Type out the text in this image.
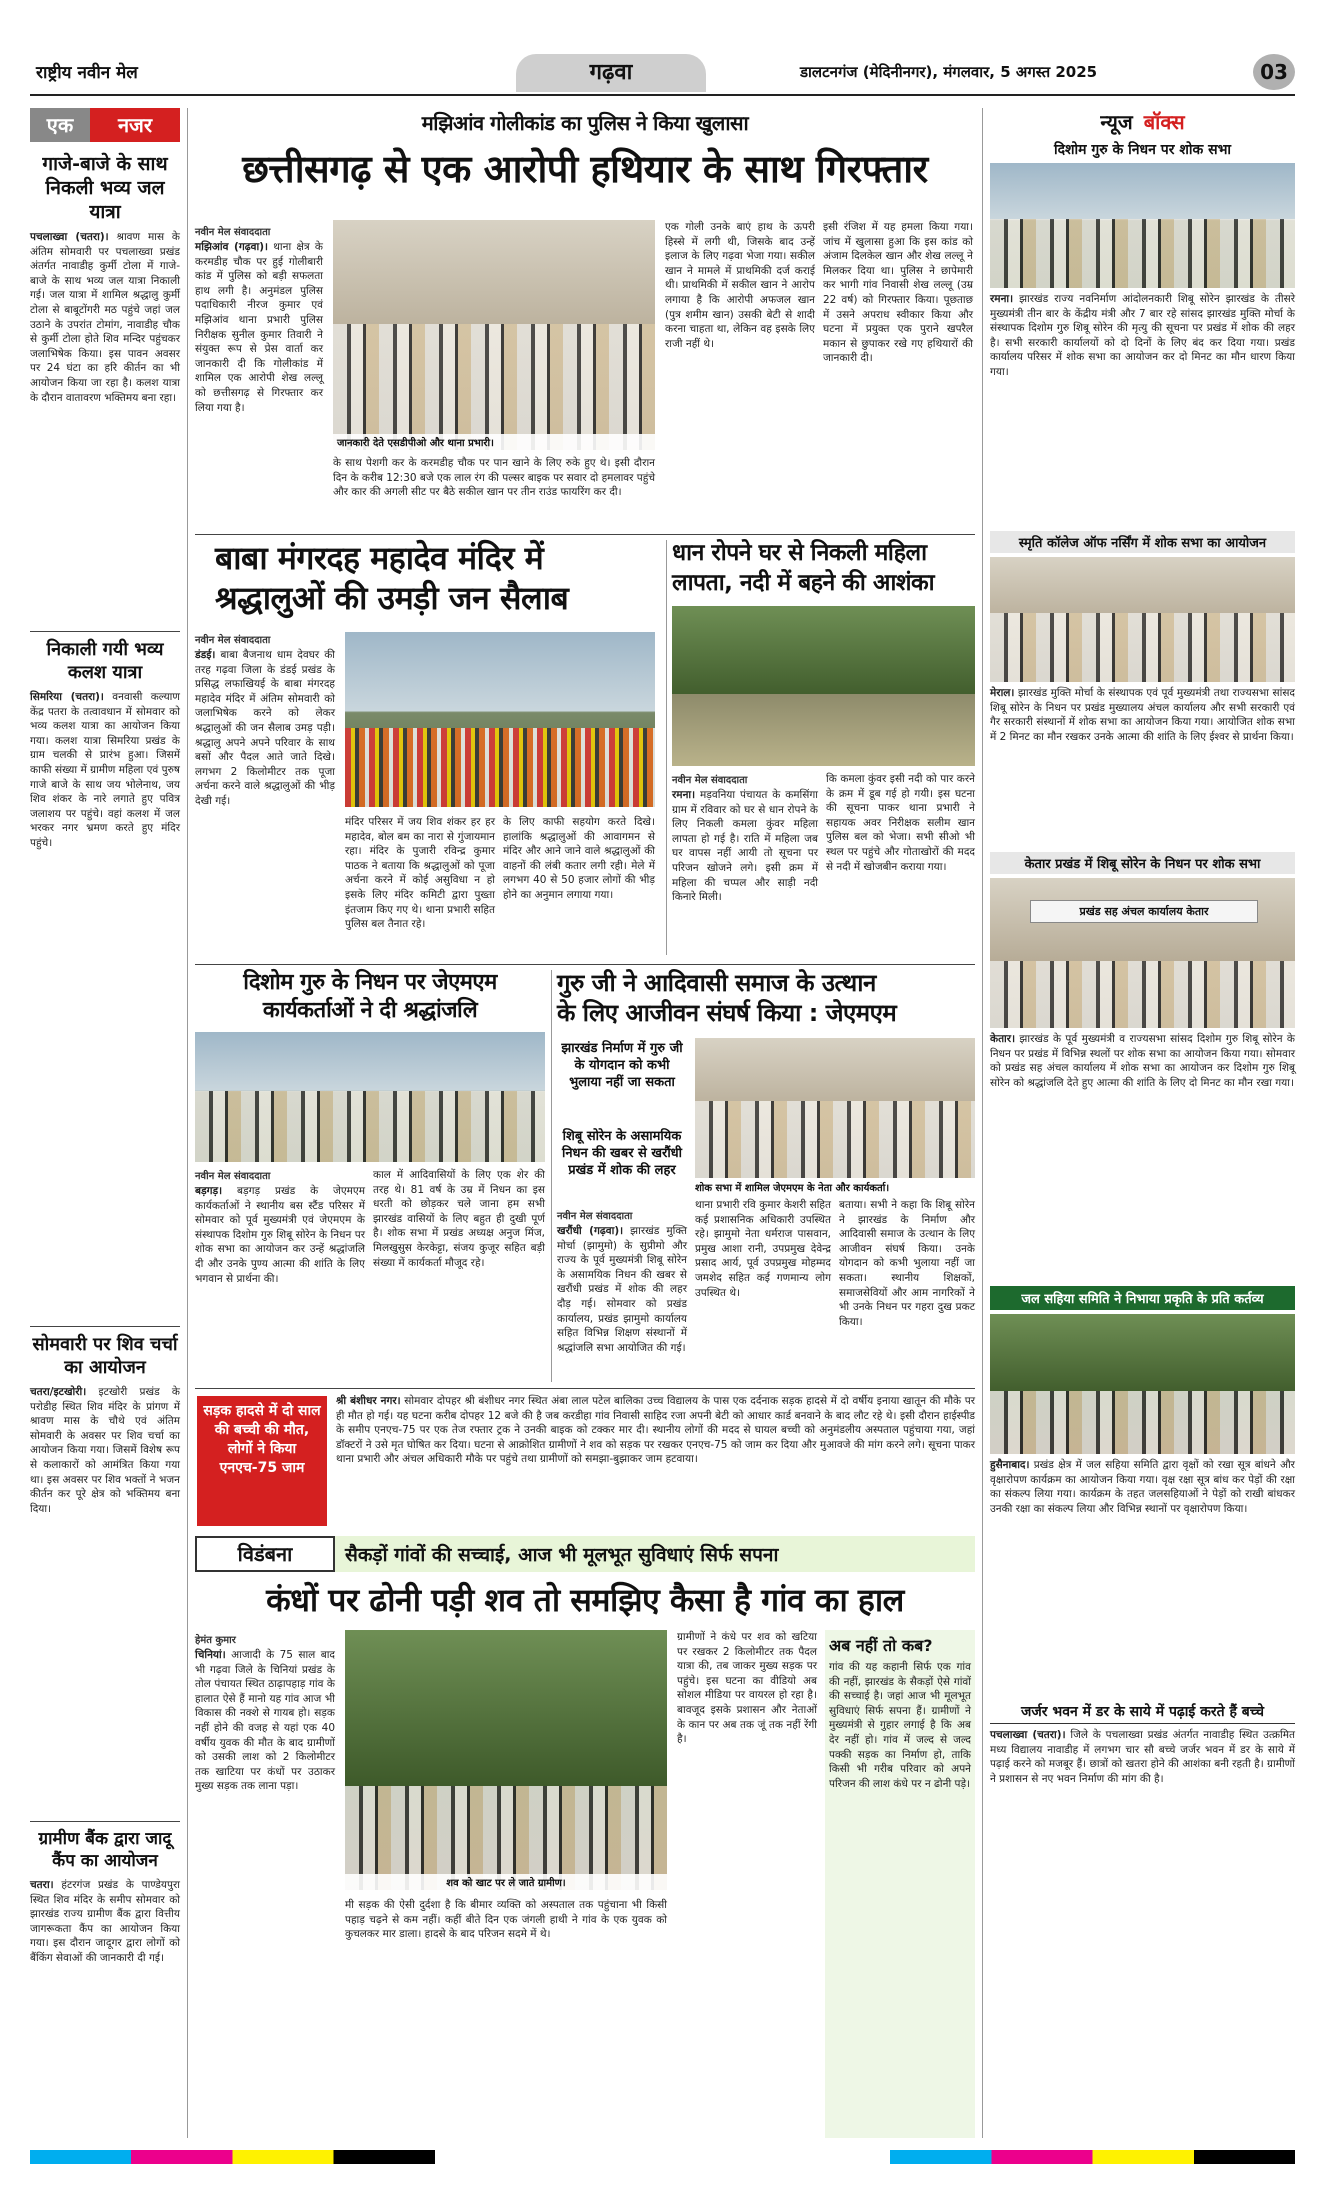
राष्ट्रीय नवीन मेल	गढ़वा	डालटनगंज (मेदिनीनगर), मंगलवार, 5 अगस्त 2025	03
एक	नजर
गाजे-बाजे के साथ निकली भव्य जल यात्रा
पचलाख्वा (चतरा)। श्रावण मास के अंतिम सोमवारी पर पचलाख्वा प्रखंड अंतर्गत नावाडीह कुर्मी टोला में गाजे-बाजे के साथ भव्य जल यात्रा निकाली गई। जल यात्रा में शामिल श्रद्धालु कुर्मी टोला से बाबूटोंगरी मठ पहुंचे जहां जल उठाने के उपरांत टोमांग, नावाडीह चौक से कुर्मी टोला होते शिव मन्दिर पहुंचकर जलाभिषेक किया। इस पावन अवसर पर 24 घंटा का हरि कीर्तन का भी आयोजन किया जा रहा है। कलश यात्रा के दौरान वातावरण भक्तिमय बना रहा।
निकाली गयी भव्य कलश यात्रा
सिमरिया (चतरा)। वनवासी कल्याण केंद्र पतरा के तत्वावधान में सोमवार को भव्य कलश यात्रा का आयोजन किया गया। कलश यात्रा सिमरिया प्रखंड के ग्राम चलकी से प्रारंभ हुआ। जिसमें काफी संख्या में ग्रामीण महिला एवं पुरुष गाजे बाजे के साथ जय भोलेनाथ, जय शिव शंकर के नारे लगाते हुए पवित्र जलाशय पर पहुंचे। वहां कलश में जल भरकर नगर भ्रमण करते हुए मंदिर पहुंचे।
सोमवारी पर शिव चर्चा का आयोजन
चतरा/इटखोरी। इटखोरी प्रखंड के परोडीह स्थित शिव मंदिर के प्रांगण में श्रावण मास के चौथे एवं अंतिम सोमवारी के अवसर पर शिव चर्चा का आयोजन किया गया। जिसमें विशेष रूप से कलाकारों को आमंत्रित किया गया था। इस अवसर पर शिव भक्तों ने भजन कीर्तन कर पूरे क्षेत्र को भक्तिमय बना दिया।
ग्रामीण बैंक द्वारा जादू कैंप का आयोजन
चतरा। हंटरगंज प्रखंड के पाण्डेयपुरा स्थित शिव मंदिर के समीप सोमवार को झारखंड राज्य ग्रामीण बैंक द्वारा वित्तीय जागरूकता कैंप का आयोजन किया गया। इस दौरान जादूगर द्वारा लोगों को बैंकिंग सेवाओं की जानकारी दी गई।
मझिआंव गोलीकांड का पुलिस ने किया खुलासा
छत्तीसगढ़ से एक आरोपी हथियार के साथ गिरफ्तार
नवीन मेल संवाददाता
मझिआंव (गढ़वा)। थाना क्षेत्र के करमडीह चौक पर हुई गोलीबारी कांड में पुलिस को बड़ी सफलता हाथ लगी है। अनुमंडल पुलिस पदाधिकारी नीरज कुमार एवं मझिआंव थाना प्रभारी पुलिस निरीक्षक सुनील कुमार तिवारी ने संयुक्त रूप से प्रेस वार्ता कर जानकारी दी कि गोलीकांड में शामिल एक आरोपी शेख लल्लू को छत्तीसगढ़ से गिरफ्तार कर लिया गया है।
जानकारी देते एसडीपीओ और थाना प्रभारी।
के साथ पेशगी कर के करमडीह चौक पर पान खाने के लिए रुके हुए थे। इसी दौरान दिन के करीब 12:30 बजे एक लाल रंग की पल्सर बाइक पर सवार दो हमलावर पहुंचे और कार की अगली सीट पर बैठे सकील खान पर तीन राउंड फायरिंग कर दी।
एक गोली उनके बाएं हाथ के ऊपरी हिस्से में लगी थी, जिसके बाद उन्हें इलाज के लिए गढ़वा भेजा गया। सकील खान ने मामले में प्राथमिकी दर्ज कराई थी। प्राथमिकी में सकील खान ने आरोप लगाया है कि आरोपी अफजल खान (पुत्र शमीम खान) उसकी बेटी से शादी करना चाहता था, लेकिन वह इसके लिए राजी नहीं थे।
इसी रंजिश में यह हमला किया गया। जांच में खुलासा हुआ कि इस कांड को अंजाम दिलकेल खान और शेख लल्लू ने मिलकर दिया था। पुलिस ने छापेमारी कर भागी गांव निवासी शेख लल्लू (उम्र 22 वर्ष) को गिरफ्तार किया। पूछताछ में उसने अपराध स्वीकार किया और घटना में प्रयुक्त एक पुराने खपरैल मकान से छुपाकर रखे गए हथियारों की जानकारी दी।
बाबा मंगरदह महादेव मंदिर में
श्रद्धालुओं की उमड़ी जन सैलाब
नवीन मेल संवाददाता
डंडई। बाबा बैजनाथ धाम देवघर की तरह गढ़वा जिला के डंडई प्रखंड के प्रसिद्ध लफाखियई के बाबा मंगरदह महादेव मंदिर में अंतिम सोमवारी को जलाभिषेक करने को लेकर श्रद्धालुओं की जन सैलाब उमड़ पड़ी। श्रद्धालु अपने अपने परिवार के साथ बसों और पैदल आते जाते दिखे। लगभग 2 किलोमीटर तक पूजा अर्चना करने वाले श्रद्धालुओं की भीड़ देखी गई।
मंदिर परिसर में जय शिव शंकर हर हर महादेव, बोल बम का नारा से गुंजायमान रहा। मंदिर के पुजारी रविन्द्र कुमार पाठक ने बताया कि श्रद्धालुओं को पूजा अर्चना करने में कोई असुविधा न हो इसके लिए मंदिर कमिटी द्वारा पुख्ता इंतजाम किए गए थे। थाना प्रभारी सहित पुलिस बल तैनात रहे।
के लिए काफी सहयोग करते दिखे। हालांकि श्रद्धालुओं की आवागमन से मंदिर और आने जाने वाले श्रद्धालुओं की वाहनों की लंबी कतार लगी रही। मेले में लगभग 40 से 50 हजार लोगों की भीड़ होने का अनुमान लगाया गया।
धान रोपने घर से निकली महिला
लापता, नदी में बहने की आशंका
नवीन मेल संवाददाता
रमना। मड़वनिया पंचायत के कमसिंगा ग्राम में रविवार को घर से धान रोपने के लिए निकली कमला कुंवर महिला लापता हो गई है। राति में महिला जब घर वापस नहीं आयी तो सूचना पर परिजन खोजने लगे। इसी क्रम में महिला की चप्पल और साड़ी नदी किनारे मिली।
कि कमला कुंवर इसी नदी को पार करने के क्रम में डूब गई हो गयी। इस घटना की सूचना पाकर थाना प्रभारी ने सहायक अवर निरीक्षक सलीम खान पुलिस बल को भेजा। सभी सीओ भी स्थल पर पहुंचे और गोताखोरों की मदद से नदी में खोजबीन कराया गया।
दिशोम गुरु के निधन पर जेएमएम
कार्यकर्ताओं ने दी श्रद्धांजलि
नवीन मेल संवाददाता
बड़गड़। बड़गड़ प्रखंड के जेएमएम कार्यकर्ताओं ने स्थानीय बस स्टैंड परिसर में सोमवार को पूर्व मुख्यमंत्री एवं जेएमएम के संस्थापक दिशोम गुरु शिबू सोरेन के निधन पर शोक सभा का आयोजन कर उन्हें श्रद्धांजलि दी और उनके पुण्य आत्मा की शांति के लिए भगवान से प्रार्थना की।
काल में आदिवासियों के लिए एक शेर की तरह थे। 81 वर्ष के उम्र में निधन का इस धरती को छोड़कर चले जाना हम सभी झारखंड वासियों के लिए बहुत ही दुखी पूर्ण है। शोक सभा में प्रखंड अध्यक्ष अनुज मिंज, मिलखुसुस केरकेट्टा, संजय कुजूर सहित बड़ी संख्या में कार्यकर्ता मौजूद रहे।
गुरु जी ने आदिवासी समाज के उत्थान
के लिए आजीवन संघर्ष किया : जेएमएम
झारखंड निर्माण में गुरु जी के योगदान को कभी भुलाया नहीं जा सकता
शिबू सोरेन के असामयिक निधन की खबर से खरौंधी प्रखंड में शोक की लहर
शोक सभा में शामिल जेएमएम के नेता और कार्यकर्ता।
नवीन मेल संवाददाता
खरौंधी (गढ़वा)। झारखंड मुक्ति मोर्चा (झामुमो) के सुप्रीमो और राज्य के पूर्व मुख्यमंत्री शिबू सोरेन के असामयिक निधन की खबर से खरौंधी प्रखंड में शोक की लहर दौड़ गई। सोमवार को प्रखंड कार्यालय, प्रखंड झामुमो कार्यालय सहित विभिन्न शिक्षण संस्थानों में श्रद्धांजलि सभा आयोजित की गई।
थाना प्रभारी रवि कुमार केशरी सहित कई प्रशासनिक अधिकारी उपस्थित रहे। झामुमो नेता धर्मराज पासवान, प्रमुख आशा रानी, उपप्रमुख देवेन्द्र प्रसाद आर्य, पूर्व उपप्रमुख मोहम्मद जमशेद सहित कई गणमान्य लोग उपस्थित थे।
बताया। सभी ने कहा कि शिबू सोरेन ने झारखंड के निर्माण और आदिवासी समाज के उत्थान के लिए आजीवन संघर्ष किया। उनके योगदान को कभी भुलाया नहीं जा सकता। स्थानीय शिक्षकों, समाजसेवियों और आम नागरिकों ने भी उनके निधन पर गहरा दुख प्रकट किया।
सड़क हादसे में दो साल की बच्ची की मौत, लोगों ने किया एनएच-75 जाम
श्री बंशीधर नगर। सोमवार दोपहर श्री बंशीधर नगर स्थित अंबा लाल पटेल बालिका उच्च विद्यालय के पास एक दर्दनाक सड़क हादसे में दो वर्षीय इनाया खातून की मौके पर ही मौत हो गई। यह घटना करीब दोपहर 12 बजे की है जब करडीहा गांव निवासी साहिद रजा अपनी बेटी को आधार कार्ड बनवाने के बाद लौट रहे थे। इसी दौरान हाईस्पीड के समीप एनएच-75 पर एक तेज रफ्तार ट्रक ने उनकी बाइक को टक्कर मार दी। स्थानीय लोगों की मदद से घायल बच्ची को अनुमंडलीय अस्पताल पहुंचाया गया, जहां डॉक्टरों ने उसे मृत घोषित कर दिया। घटना से आक्रोशित ग्रामीणों ने शव को सड़क पर रखकर एनएच-75 को जाम कर दिया और मुआवजे की मांग करने लगे। सूचना पाकर थाना प्रभारी और अंचल अधिकारी मौके पर पहुंचे तथा ग्रामीणों को समझा-बुझाकर जाम हटवाया।
विडंबना	सैकड़ों गांवों की सच्चाई, आज भी मूलभूत सुविधाएं सिर्फ सपना
कंधों पर ढोनी पड़ी शव तो समझिए कैसा है गांव का हाल
हेमंत कुमार
चिनियां। आजादी के 75 साल बाद भी गढ़वा जिले के चिनियां प्रखंड के तोल पंचायत स्थित ठाढ़ापहाड़ गांव के हालात ऐसे हैं मानो यह गांव आज भी विकास की नक्शे से गायब हो। सड़क नहीं होने की वजह से यहां एक 40 वर्षीय युवक की मौत के बाद ग्रामीणों को उसकी लाश को 2 किलोमीटर तक खाटिया पर कंधों पर उठाकर मुख्य सड़क तक लाना पड़ा।
शव को खाट पर ले जाते ग्रामीण।
मी सड़क की ऐसी दुर्दशा है कि बीमार व्यक्ति को अस्पताल तक पहुंचाना भी किसी पहाड़ चढ़ने से कम नहीं। कहीं बीते दिन एक जंगली हाथी ने गांव के एक युवक को कुचलकर मार डाला। हादसे के बाद परिजन सदमे में थे।
ग्रामीणों ने कंधे पर शव को खटिया पर रखकर 2 किलोमीटर तक पैदल यात्रा की, तब जाकर मुख्य सड़क पर पहुंचे। इस घटना का वीडियो अब सोशल मीडिया पर वायरल हो रहा है। बावजूद इसके प्रशासन और नेताओं के कान पर अब तक जूं तक नहीं रेंगी है।
अब नहीं तो कब?
गांव की यह कहानी सिर्फ एक गांव की नहीं, झारखंड के सैकड़ों ऐसे गांवों की सच्चाई है। जहां आज भी मूलभूत सुविधाएं सिर्फ सपना हैं। ग्रामीणों ने मुख्यमंत्री से गुहार लगाई है कि अब देर नहीं हो। गांव में जल्द से जल्द पक्की सड़क का निर्माण हो, ताकि किसी भी गरीब परिवार को अपने परिजन की लाश कंधे पर न ढोनी पड़े।
न्यूज बॉक्स
दिशोम गुरु के निधन पर शोक सभा
रमना। झारखंड राज्य नवनिर्माण आंदोलनकारी शिबू सोरेन झारखंड के तीसरे मुख्यमंत्री तीन बार के केंद्रीय मंत्री और 7 बार रहे सांसद झारखंड मुक्ति मोर्चा के संस्थापक दिशोम गुरु शिबू सोरेन की मृत्यु की सूचना पर प्रखंड में शोक की लहर है। सभी सरकारी कार्यालयों को दो दिनों के लिए बंद कर दिया गया। प्रखंड कार्यालय परिसर में शोक सभा का आयोजन कर दो मिनट का मौन धारण किया गया।
स्मृति कॉलेज ऑफ नर्सिंग में शोक सभा का आयोजन
मेराल। झारखंड मुक्ति मोर्चा के संस्थापक एवं पूर्व मुख्यमंत्री तथा राज्यसभा सांसद शिबू सोरेन के निधन पर प्रखंड मुख्यालय अंचल कार्यालय और सभी सरकारी एवं गैर सरकारी संस्थानों में शोक सभा का आयोजन किया गया। आयोजित शोक सभा में 2 मिनट का मौन रखकर उनके आत्मा की शांति के लिए ईश्वर से प्रार्थना किया।
केतार प्रखंड में शिबू सोरेन के निधन पर शोक सभा
प्रखंड सह अंचल कार्यालय केतार
केतार। झारखंड के पूर्व मुख्यमंत्री व राज्यसभा सांसद दिशोम गुरु शिबू सोरेन के निधन पर प्रखंड में विभिन्न स्थलों पर शोक सभा का आयोजन किया गया। सोमवार को प्रखंड सह अंचल कार्यालय में शोक सभा का आयोजन कर दिशोम गुरु शिबू सोरेन को श्रद्धांजलि देते हुए आत्मा की शांति के लिए दो मिनट का मौन रखा गया।
जल सहिया समिति ने निभाया प्रकृति के प्रति कर्तव्य
हुसैनाबाद। प्रखंड क्षेत्र में जल सहिया समिति द्वारा वृक्षों को रखा सूत्र बांधने और वृक्षारोपण कार्यक्रम का आयोजन किया गया। वृक्ष रक्षा सूत्र बांध कर पेड़ों की रक्षा का संकल्प लिया गया। कार्यक्रम के तहत जलसहियाओं ने पेड़ों को राखी बांधकर उनकी रक्षा का संकल्प लिया और विभिन्न स्थानों पर वृक्षारोपण किया।
जर्जर भवन में डर के साये में पढ़ाई करते हैं बच्चे
पचलाख्वा (चतरा)। जिले के पचलाख्वा प्रखंड अंतर्गत नावाडीह स्थित उत्क्रमित मध्य विद्यालय नावाडीह में लगभग चार सौ बच्चे जर्जर भवन में डर के साये में पढ़ाई करने को मजबूर हैं। छात्रों को खतरा होने की आशंका बनी रहती है। ग्रामीणों ने प्रशासन से नए भवन निर्माण की मांग की है।
